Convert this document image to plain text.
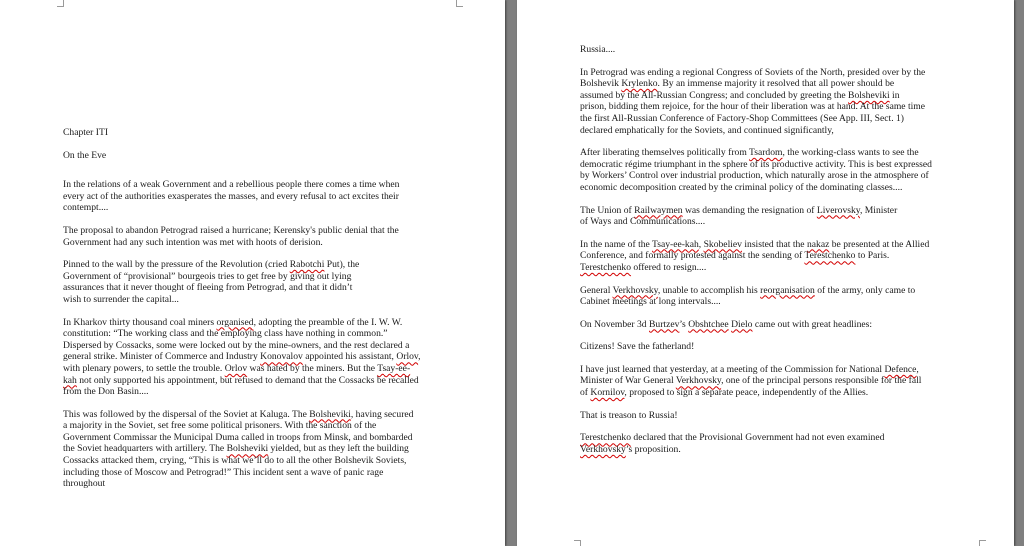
Chapter ITI
On the Eve
In the relations of a weak Government and a rebellious people there comes a time when
every act of the authorities exasperates the masses, and every refusal to act excites their
contempt....
The proposal to abandon Petrograd raised a hurricane; Kerensky's public denial that the
Government had any such intention was met with hoots of derision.
Pinned to the wall by the pressure of the Revolution (cried Rabotchi Put), the
Government of “provisional” bourgeois tries to get free by giving out lying
assurances that it never thought of fleeing from Petrograd, and that it didn’t
wish to surrender the capital...
In Kharkov thirty thousand coal miners organised, adopting the preamble of the I. W. W.
constitution: “The working class and the employing class have nothing in common.”
Dispersed by Cossacks, some were locked out by the mine-owners, and the rest declared a
general strike. Minister of Commerce and Industry Konovalov appointed his assistant, Orlov,
with plenary powers, to settle the trouble. Orlov was hated by the miners. But the Tsay-ee-
kah not only supported his appointment, but refused to demand that the Cossacks be recalled
from the Don Basin....
This was followed by the dispersal of the Soviet at Kaluga. The Bolsheviki, having secured
a majority in the Soviet, set free some political prisoners. With the sanction of the
Government Commissar the Municipal Duma called in troops from Minsk, and bombarded
the Soviet headquarters with artillery. The Bolsheviki yielded, but as they left the building
Cossacks attacked them, crying, “This is what we’ll do to all the other Bolshevik Soviets,
including those of Moscow and Petrograd!” This incident sent a wave of panic rage
throughout
Russia....
In Petrograd was ending a regional Congress of Soviets of the North, presided over by the
Bolshevik Krylenko. By an immense majority it resolved that all power should be
assumed by the All-Russian Congress; and concluded by greeting the Bolsheviki in
prison, bidding them rejoice, for the hour of their liberation was at hand. At the same time
the first All-Russian Conference of Factory-Shop Committees (See App. III, Sect. 1)
declared emphatically for the Soviets, and continued significantly,
After liberating themselves politically from Tsardom, the working-class wants to see the
democratic régime triumphant in the sphere of its productive activity. This is best expressed
by Workers’ Control over industrial production, which naturally arose in the atmosphere of
economic decomposition created by the criminal policy of the dominating classes....
The Union of Railwaymen was demanding the resignation of Liverovsky, Minister
of Ways and Communications....
In the name of the Tsay-ee-kah, Skobeliev insisted that the nakaz be presented at the Allied
Conference, and formally protested against the sending of Terestchenko to Paris.
Terestchenko offered to resign....
General Verkhovsky, unable to accomplish his reorganisation of the army, only came to
Cabinet meetings at long intervals....
On November 3d Burtzev’s Obshtchee Dielo came out with great headlines:
Citizens! Save the fatherland!
I have just learned that yesterday, at a meeting of the Commission for National Defence,
Minister of War General Verkhovsky, one of the principal persons responsible for the fall
of Kornilov, proposed to sign a separate peace, independently of the Allies.
That is treason to Russia!
Terestchenko declared that the Provisional Government had not even examined
Verkhovsky’s proposition.
